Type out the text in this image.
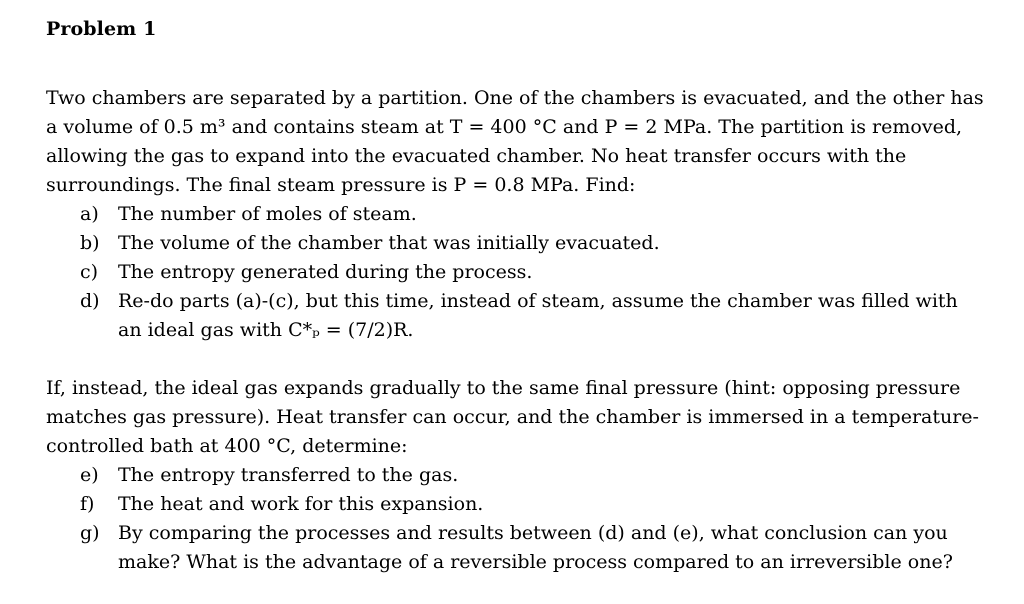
Problem 1
Two chambers are separated by a partition. One of the chambers is evacuated, and the other has
a volume of 0.5 m³ and contains steam at T = 400 °C and P = 2 MPa. The partition is removed,
allowing the gas to expand into the evacuated chamber. No heat transfer occurs with the
surroundings. The final steam pressure is P = 0.8 MPa. Find:
a) The number of moles of steam.
b) The volume of the chamber that was initially evacuated.
c) The entropy generated during the process.
d) Re-do parts (a)-(c), but this time, instead of steam, assume the chamber was filled with
an ideal gas with C*ₚ = (7/2)R.
If, instead, the ideal gas expands gradually to the same final pressure (hint: opposing pressure
matches gas pressure). Heat transfer can occur, and the chamber is immersed in a temperature-
controlled bath at 400 °C, determine:
e) The entropy transferred to the gas.
f) The heat and work for this expansion.
g) By comparing the processes and results between (d) and (e), what conclusion can you
make? What is the advantage of a reversible process compared to an irreversible one?
